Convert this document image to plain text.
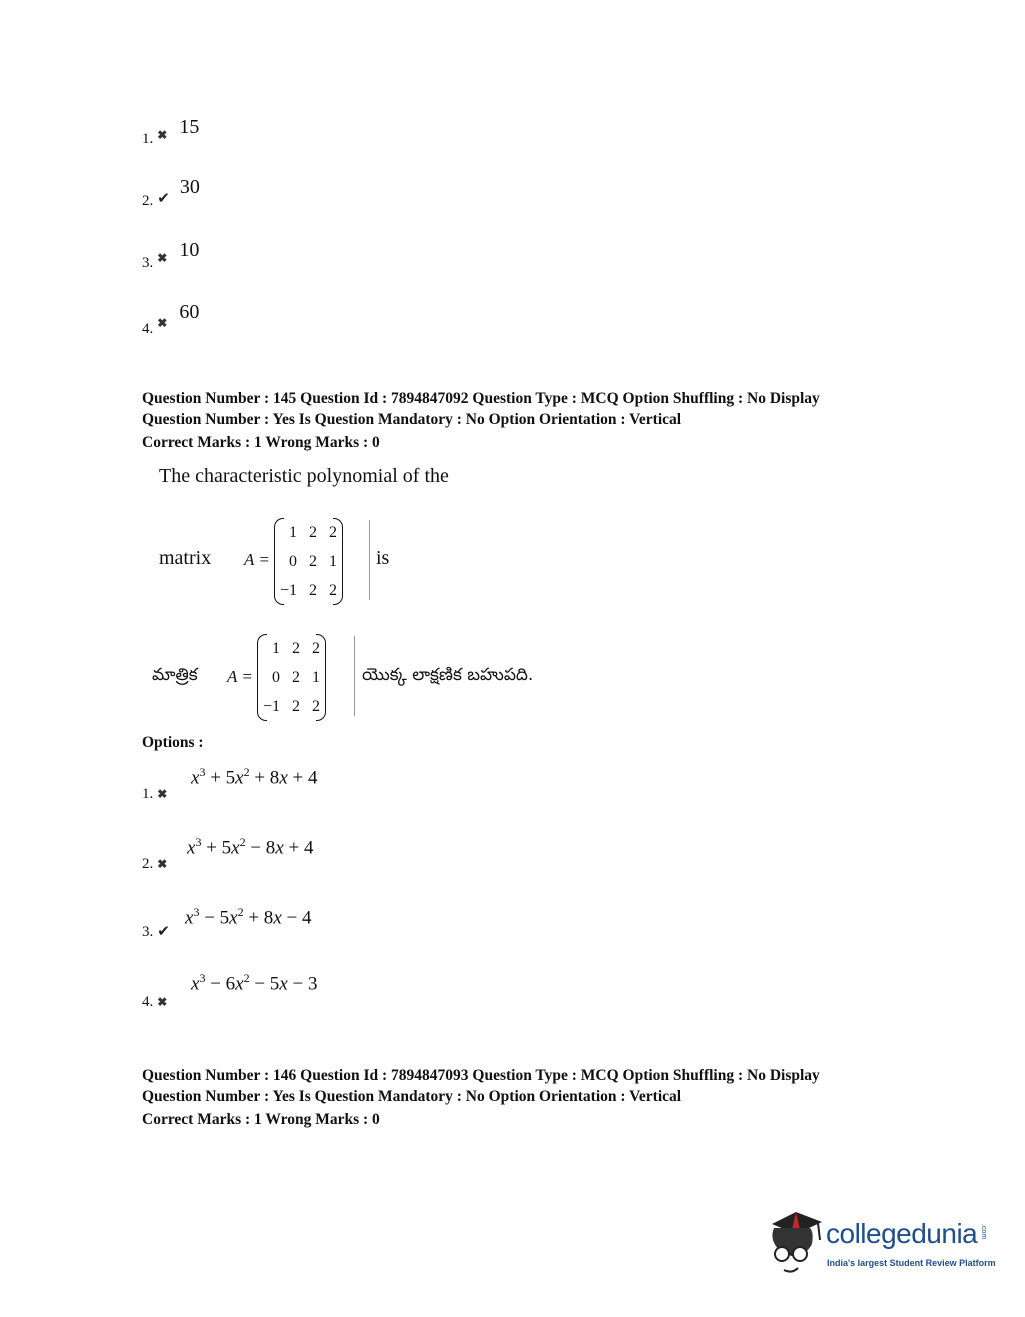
1. $_✖$ 15
2. ✔ 30
3. $_✖$ 10
4. $_✖$ 60
Question Number : 145 Question Id : 7894847092 Question Type : MCQ Option Shuffling : No Display
Question Number : Yes Is Question Mandatory : No Option Orientation : Vertical
Correct Marks : 1 Wrong Marks : 0
The characteristic polynomial of the
matrix A =
1	2	2
0	2	1
−1	2	2
is
మాత్రిక A =
1	2	2
0	2	1
−1	2	2
యొక్క లాక్షణిక బహుపది.
Options :
1. ✖
$x^3 + 5x^2 + 8x + 4$
2. ✖
$x^3 + 5x^2 - 8x + 4$
3. ✔
$x^3 - 5x^2 + 8x - 4$
4. ✖
$x^3 - 6x^2 - 5x - 3$
Question Number : 146 Question Id : 7894847093 Question Type : MCQ Option Shuffling : No Display
Question Number : Yes Is Question Mandatory : No Option Orientation : Vertical
Correct Marks : 1 Wrong Marks : 0
collegedunia .com
India's largest Student Review Platform
